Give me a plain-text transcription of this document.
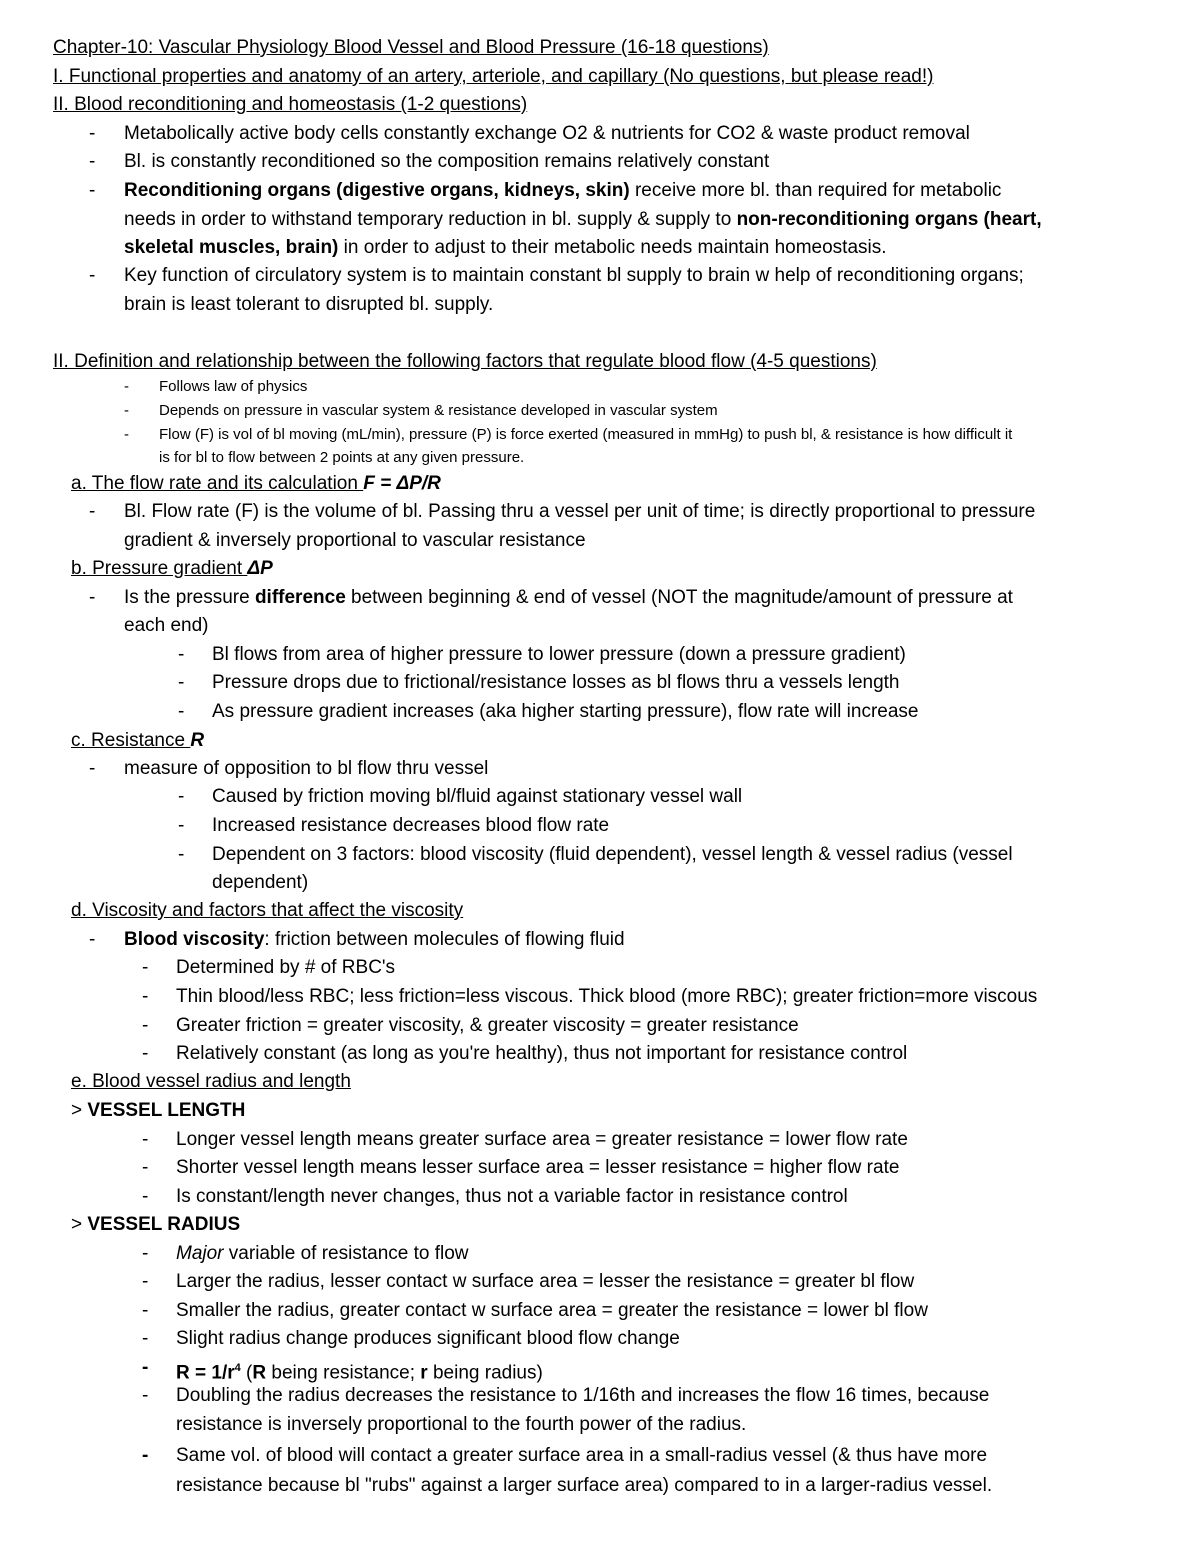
Chapter-10: Vascular Physiology Blood Vessel and Blood Pressure (16-18 questions)
I. Functional properties and anatomy of an artery, arteriole, and capillary (No questions, but please read!)
II. Blood reconditioning and homeostasis (1-2 questions)
- Metabolically active body cells constantly exchange O2 & nutrients for CO2 & waste product removal
- Bl. is constantly reconditioned so the composition remains relatively constant
- Reconditioning organs (digestive organs, kidneys, skin) receive more bl. than required for metabolic
needs in order to withstand temporary reduction in bl. supply & supply to non-reconditioning organs (heart,
skeletal muscles, brain) in order to adjust to their metabolic needs maintain homeostasis.
- Key function of circulatory system is to maintain constant bl supply to brain w help of reconditioning organs;
brain is least tolerant to disrupted bl. supply.
II. Definition and relationship between the following factors that regulate blood flow (4-5 questions)
- Follows law of physics
- Depends on pressure in vascular system & resistance developed in vascular system
- Flow (F) is vol of bl moving (mL/min), pressure (P) is force exerted (measured in mmHg) to push bl, & resistance is how difficult it
is for bl to flow between 2 points at any given pressure.
a. The flow rate and its calculation F = ΔP/R
- Bl. Flow rate (F) is the volume of bl. Passing thru a vessel per unit of time; is directly proportional to pressure
gradient & inversely proportional to vascular resistance
b. Pressure gradient ΔP
- Is the pressure difference between beginning & end of vessel (NOT the magnitude/amount of pressure at
each end)
- Bl flows from area of higher pressure to lower pressure (down a pressure gradient)
- Pressure drops due to frictional/resistance losses as bl flows thru a vessels length
- As pressure gradient increases (aka higher starting pressure), flow rate will increase
c. Resistance R
- measure of opposition to bl flow thru vessel
- Caused by friction moving bl/fluid against stationary vessel wall
- Increased resistance decreases blood flow rate
- Dependent on 3 factors: blood viscosity (fluid dependent), vessel length & vessel radius (vessel
dependent)
d. Viscosity and factors that affect the viscosity
- Blood viscosity: friction between molecules of flowing fluid
- Determined by # of RBC's
- Thin blood/less RBC; less friction=less viscous. Thick blood (more RBC); greater friction=more viscous
- Greater friction = greater viscosity, & greater viscosity = greater resistance
- Relatively constant (as long as you're healthy), thus not important for resistance control
e. Blood vessel radius and length
> VESSEL LENGTH
- Longer vessel length means greater surface area = greater resistance = lower flow rate
- Shorter vessel length means lesser surface area = lesser resistance = higher flow rate
- Is constant/length never changes, thus not a variable factor in resistance control
> VESSEL RADIUS
- Major variable of resistance to flow
- Larger the radius, lesser contact w surface area = lesser the resistance = greater bl flow
- Smaller the radius, greater contact w surface area = greater the resistance = lower bl flow
- Slight radius change produces significant blood flow change
- $R = 1/r^4$ (R being resistance; r being radius)
- Doubling the radius decreases the resistance to 1/16th and increases the flow 16 times, because
resistance is inversely proportional to the fourth power of the radius.
- Same vol. of blood will contact a greater surface area in a small-radius vessel (& thus have more
resistance because bl "rubs" against a larger surface area) compared to in a larger-radius vessel.
